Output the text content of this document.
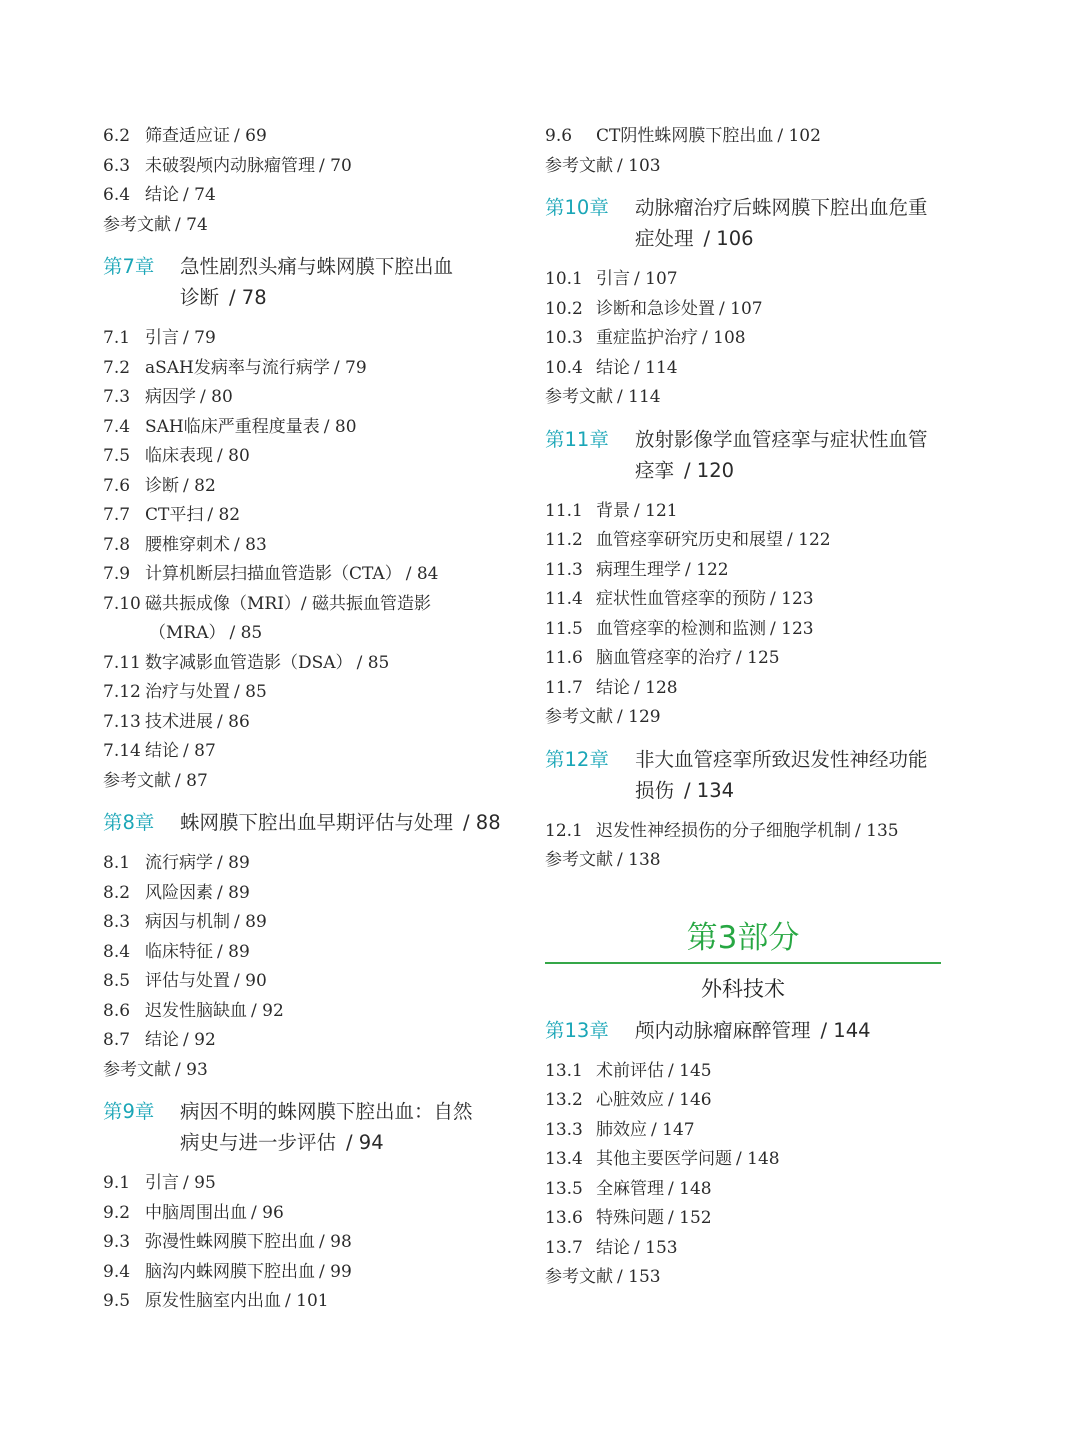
6.2 筛查适应证 / 69
6.3 未破裂颅内动脉瘤管理 / 70
6.4 结论 / 74
参考文献 / 74
第7章 急性剧烈头痛与蛛网膜下腔出血
诊断 / 78
7.1 引言 / 79
7.2 aSAH发病率与流行病学 / 79
7.3 病因学 / 80
7.4 SAH临床严重程度量表 / 80
7.5 临床表现 / 80
7.6 诊断 / 82
7.7 CT平扫 / 82
7.8 腰椎穿刺术 / 83
7.9 计算机断层扫描血管造影（CTA） / 84
7.10 磁共振成像（MRI）/ 磁共振血管造影
（MRA） / 85
7.11 数字减影血管造影（DSA） / 85
7.12 治疗与处置 / 85
7.13 技术进展 / 86
7.14 结论 / 87
参考文献 / 87
第8章 蛛网膜下腔出血早期评估与处理 / 88
8.1 流行病学 / 89
8.2 风险因素 / 89
8.3 病因与机制 / 89
8.4 临床特征 / 89
8.5 评估与处置 / 90
8.6 迟发性脑缺血 / 92
8.7 结论 / 92
参考文献 / 93
第9章 病因不明的蛛网膜下腔出血：自然
病史与进一步评估 / 94
9.1 引言 / 95
9.2 中脑周围出血 / 96
9.3 弥漫性蛛网膜下腔出血 / 98
9.4 脑沟内蛛网膜下腔出血 / 99
9.5 原发性脑室内出血 / 101
9.6 CT阴性蛛网膜下腔出血 / 102
参考文献 / 103
第10章 动脉瘤治疗后蛛网膜下腔出血危重
症处理 / 106
10.1 引言 / 107
10.2 诊断和急诊处置 / 107
10.3 重症监护治疗 / 108
10.4 结论 / 114
参考文献 / 114
第11章 放射影像学血管痉挛与症状性血管
痉挛 / 120
11.1 背景 / 121
11.2 血管痉挛研究历史和展望 / 122
11.3 病理生理学 / 122
11.4 症状性血管痉挛的预防 / 123
11.5 血管痉挛的检测和监测 / 123
11.6 脑血管痉挛的治疗 / 125
11.7 结论 / 128
参考文献 / 129
第12章 非大血管痉挛所致迟发性神经功能
损伤 / 134
12.1 迟发性神经损伤的分子细胞学机制 / 135
参考文献 / 138
第3部分
外科技术
第13章 颅内动脉瘤麻醉管理 / 144
13.1 术前评估 / 145
13.2 心脏效应 / 146
13.3 肺效应 / 147
13.4 其他主要医学问题 / 148
13.5 全麻管理 / 148
13.6 特殊问题 / 152
13.7 结论 / 153
参考文献 / 153
